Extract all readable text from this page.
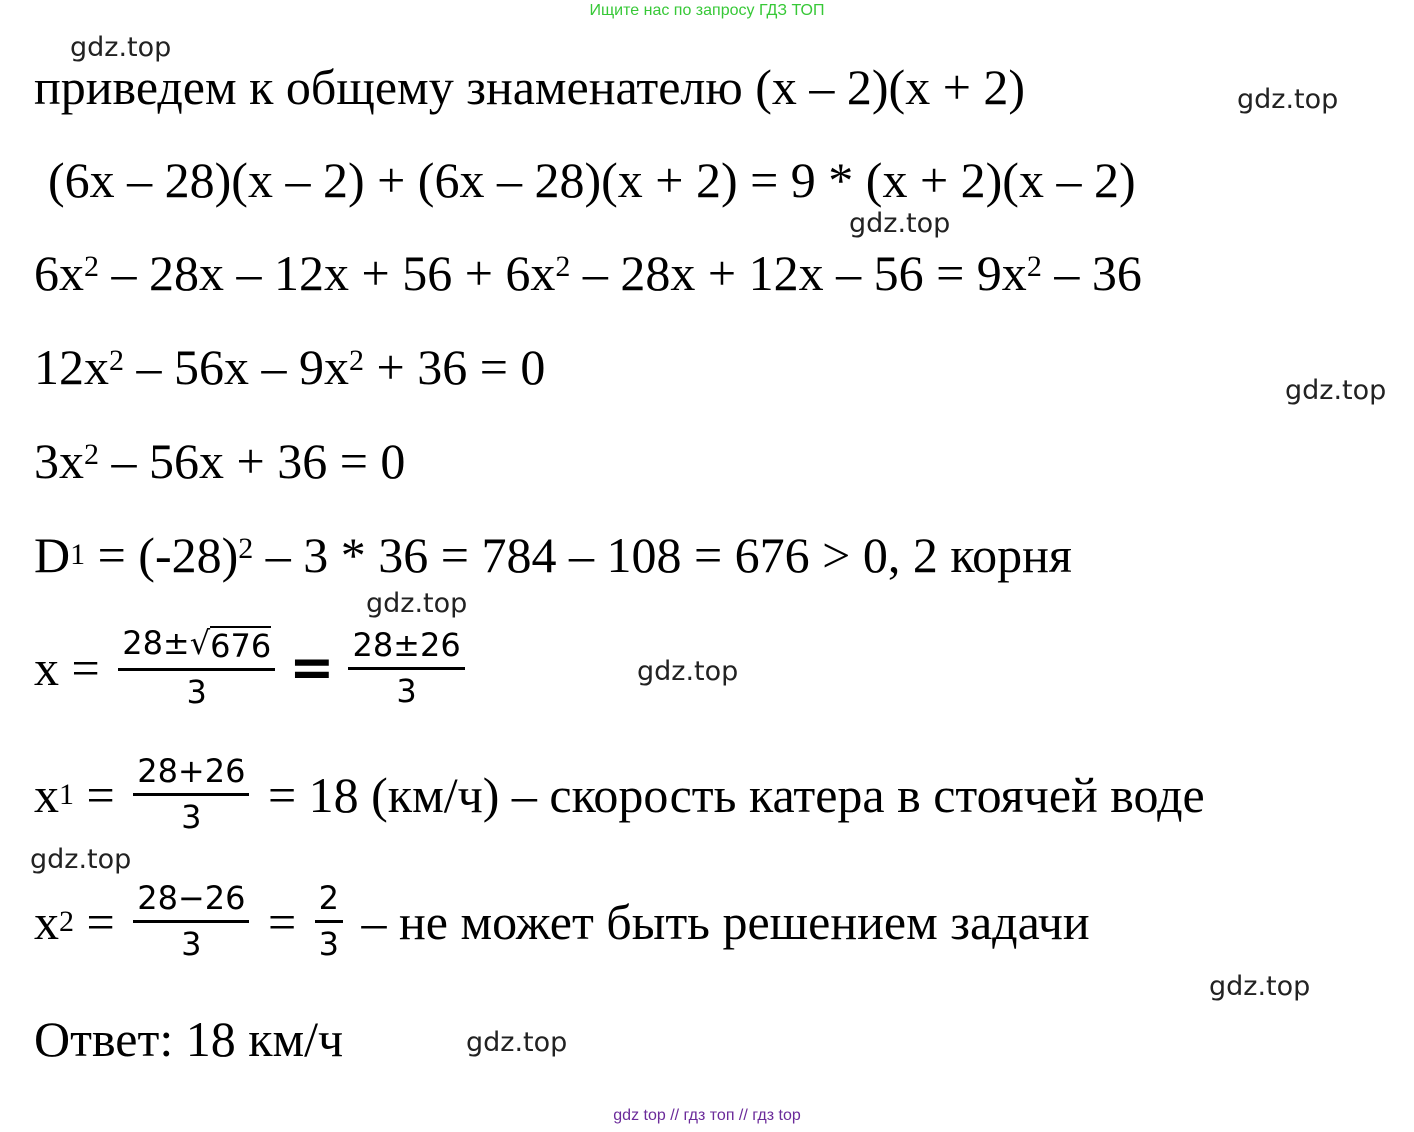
Ищите нас по запросу ГДЗ ТОП
gdz.top
gdz.top
gdz.top
gdz.top
gdz.top
gdz.top
gdz.top
gdz.top
gdz.top
приведем к общему знаменателю (x – 2)(x + 2)
(6x – 28)(x – 2) + (6x – 28)(x + 2) = 9 * (x + 2)(x – 2)
$6x^2 - 28x - 12x + 56 + 6x^2 - 28x + 12x - 56 = 9x^2 - 36$
$12x^2 - 56x - 9x^2 + 36 = 0$
$3x^2 - 56x + 36 = 0$
D $1 = (-28)^2 - 3 * 36 = 784 - 108 = 676 > 0$, 2 корня
$x = \frac{28\pm √ 676}{3} = \frac{28\pm 26}{3}$
x $1 = \frac{28+26}{3} = 18$ (км/ч) – скорость катера в стоячей воде
x $2 = \frac{28-26}{3} = \frac{2}{3}$ – не может быть решением задачи
Ответ: 18 км/ч
gdz top // гдз топ // гдз top
